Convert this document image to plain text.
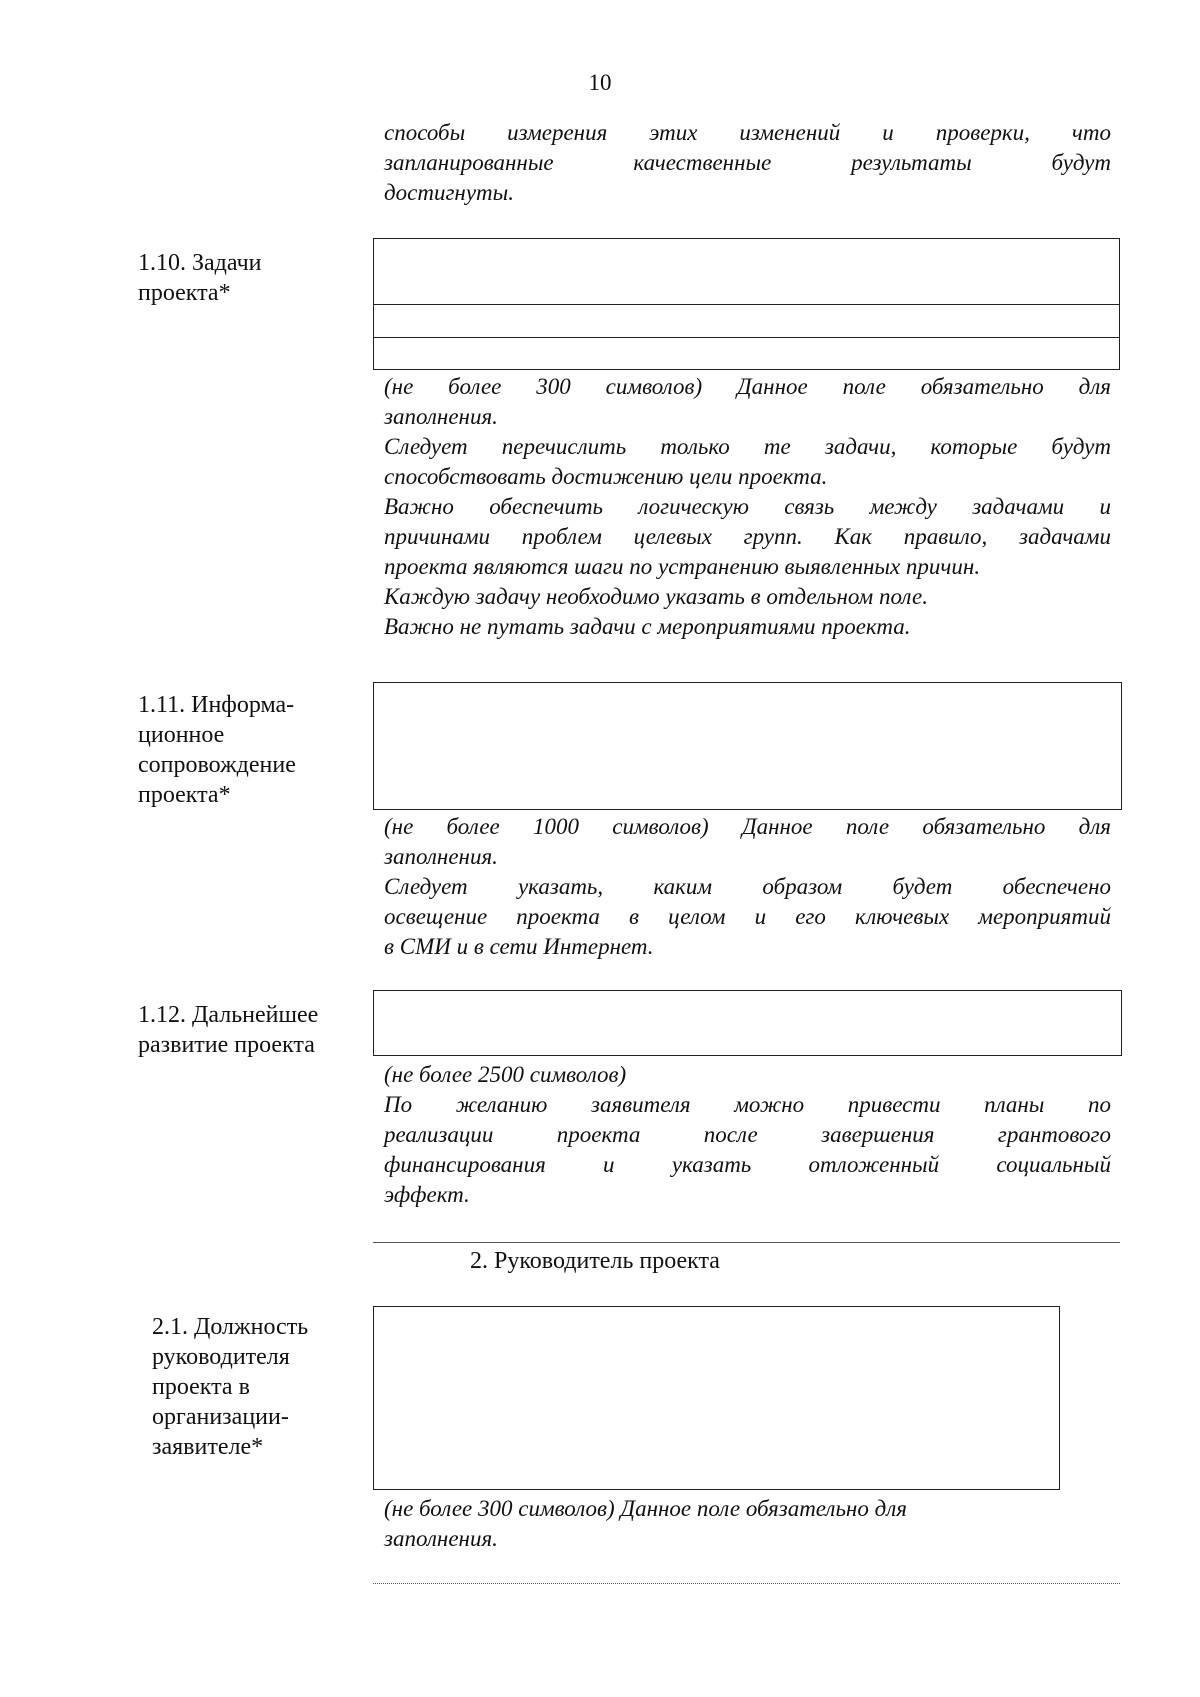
10
способы измерения этих изменений и проверки, что
запланированные качественные результаты будут
достигнуты.
1.10. Задачи
проекта*
(не более 300 символов) Данное поле обязательно для
заполнения.
Следует перечислить только те задачи, которые будут
способствовать достижению цели проекта.
Важно обеспечить логическую связь между задачами и
причинами проблем целевых групп. Как правило, задачами
проекта являются шаги по устранению выявленных причин.
Каждую задачу необходимо указать в отдельном поле.
Важно не путать задачи с мероприятиями проекта.
1.11. Информа-
ционное
сопровождение
проекта*
(не более 1000 символов) Данное поле обязательно для
заполнения.
Следует указать, каким образом будет обеспечено
освещение проекта в целом и его ключевых мероприятий
в СМИ и в сети Интернет.
1.12. Дальнейшее
развитие проекта
(не более 2500 символов)
По желанию заявителя можно привести планы по
реализации проекта после завершения грантового
финансирования и указать отложенный социальный
эффект.
2. Руководитель проекта
2.1. Должность
руководителя
проекта в
организации-
заявителе*
(не более 300 символов) Данное поле обязательно для
заполнения.
